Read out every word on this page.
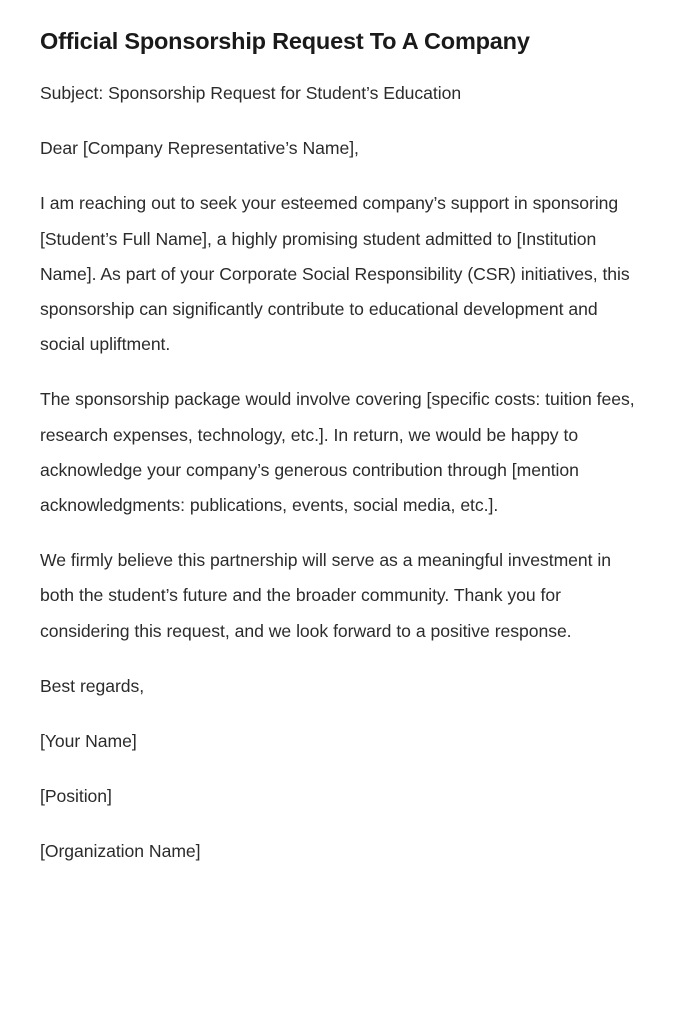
Official Sponsorship Request To A Company

Subject: Sponsorship Request for Student’s Education

Dear [Company Representative’s Name],

I am reaching out to seek your esteemed company’s support in sponsoring [Student’s Full Name], a highly promising student admitted to [Institution Name]. As part of your Corporate Social Responsibility (CSR) initiatives, this sponsorship can significantly contribute to educational development and social upliftment.

The sponsorship package would involve covering [specific costs: tuition fees, research expenses, technology, etc.]. In return, we would be happy to acknowledge your company’s generous contribution through [mention acknowledgments: publications, events, social media, etc.].

We firmly believe this partnership will serve as a meaningful investment in both the student’s future and the broader community. Thank you for considering this request, and we look forward to a positive response.

Best regards,

[Your Name]

[Position]

[Organization Name]
